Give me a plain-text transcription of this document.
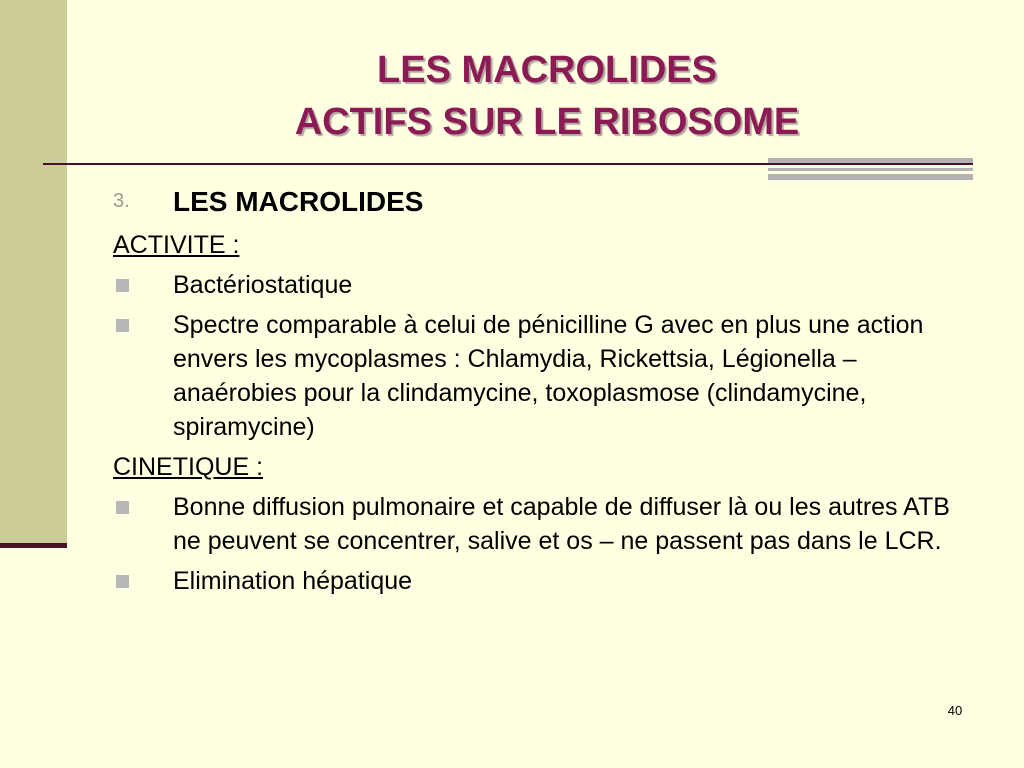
LES MACROLIDES
ACTIFS SUR LE RIBOSOME
3. LES MACROLIDES
ACTIVITE :
Bactériostatique
Spectre comparable à celui de pénicilline G avec en plus une action envers les mycoplasmes : Chlamydia, Rickettsia, Légionella – anaérobies pour la clindamycine, toxoplasmose (clindamycine, spiramycine)
CINETIQUE :
Bonne diffusion pulmonaire et capable de diffuser là ou les autres ATB ne peuvent se concentrer, salive et os – ne passent pas dans le LCR.
Elimination hépatique
40
